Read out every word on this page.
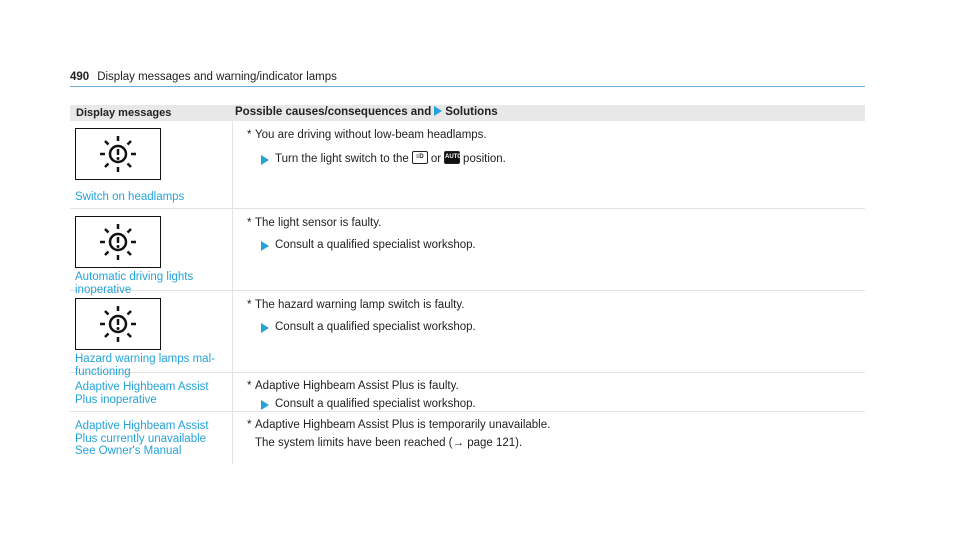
490 Display messages and warning/indicator lamps
Display messages	Possible causes/consequences and Solutions
Switch on headlamps
* You are driving without low-beam headlamps.
Turn the light switch to the ≡D or AUTOposition.
Automatic driving lights
inoperative
* The light sensor is faulty.
Consult a qualified specialist workshop.
Hazard warning lamps mal-
functioning
* The hazard warning lamp switch is faulty.
Consult a qualified specialist workshop.
Adaptive Highbeam Assist
Plus inoperative
* Adaptive Highbeam Assist Plus is faulty.
Consult a qualified specialist workshop.
Adaptive Highbeam Assist
Plus currently unavailable
See Owner's Manual
* Adaptive Highbeam Assist Plus is temporarily unavailable.
The system limits have been reached (→ page 121).
